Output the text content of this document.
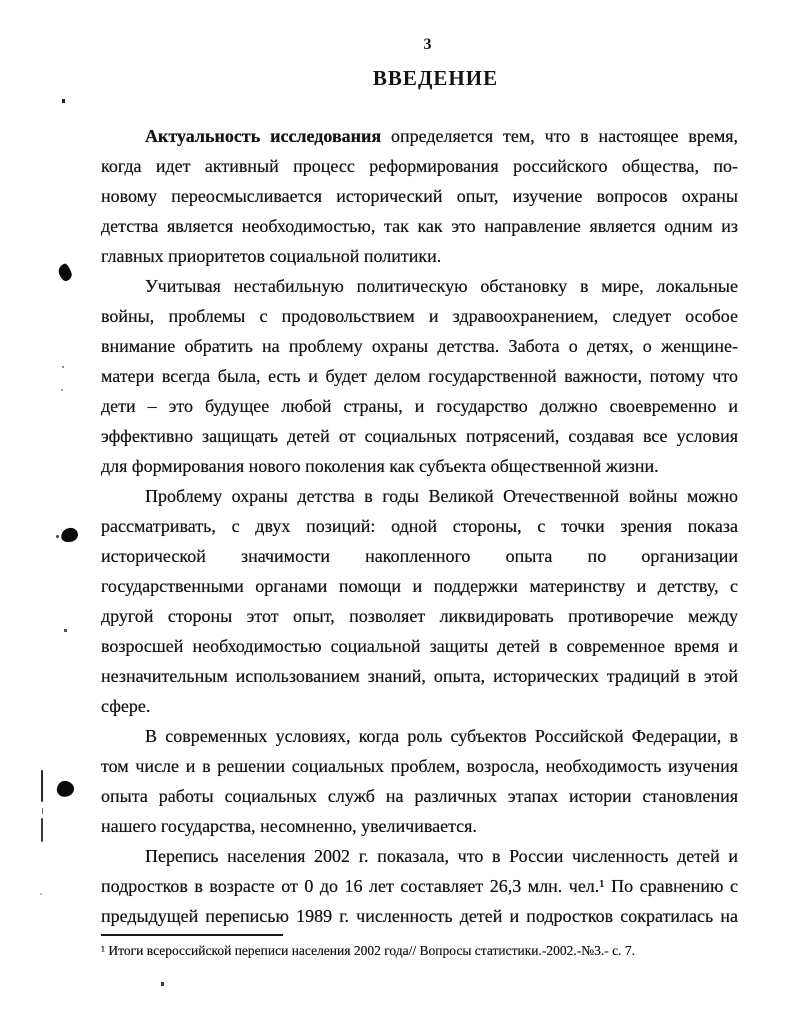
3
ВВЕДЕНИЕ
Актуальность исследования определяется тем, что в настоящее время,
когда идет активный процесс реформирования российского общества, по-
новому переосмысливается исторический опыт, изучение вопросов охраны
детства является необходимостью, так как это направление является одним из
главных приоритетов социальной политики.
Учитывая нестабильную политическую обстановку в мире, локальные
войны, проблемы с продовольствием и здравоохранением, следует особое
внимание обратить на проблему охраны детства. Забота о детях, о женщине-
матери всегда была, есть и будет делом государственной важности, потому что
дети – это будущее любой страны, и государство должно своевременно и
эффективно защищать детей от социальных потрясений, создавая все условия
для формирования нового поколения как субъекта общественной жизни.
Проблему охраны детства в годы Великой Отечественной войны можно
рассматривать, с двух позиций: одной стороны, с точки зрения показа
исторической значимости накопленного опыта по организации
государственными органами помощи и поддержки материнству и детству, с
другой стороны этот опыт, позволяет ликвидировать противоречие между
возросшей необходимостью социальной защиты детей в современное время и
незначительным использованием знаний, опыта, исторических традиций в этой
сфере.
В современных условиях, когда роль субъектов Российской Федерации, в
том числе и в решении социальных проблем, возросла, необходимость изучения
опыта работы социальных служб на различных этапах истории становления
нашего государства, несомненно, увеличивается.
Перепись населения 2002 г. показала, что в России численность детей и
подростков в возрасте от 0 до 16 лет составляет 26,3 млн. чел.¹ По сравнению с
предыдущей переписью 1989 г. численность детей и подростков сократилась на
¹ Итоги всероссийской переписи населения 2002 года// Вопросы статистики.-2002.-№3.- с. 7.
